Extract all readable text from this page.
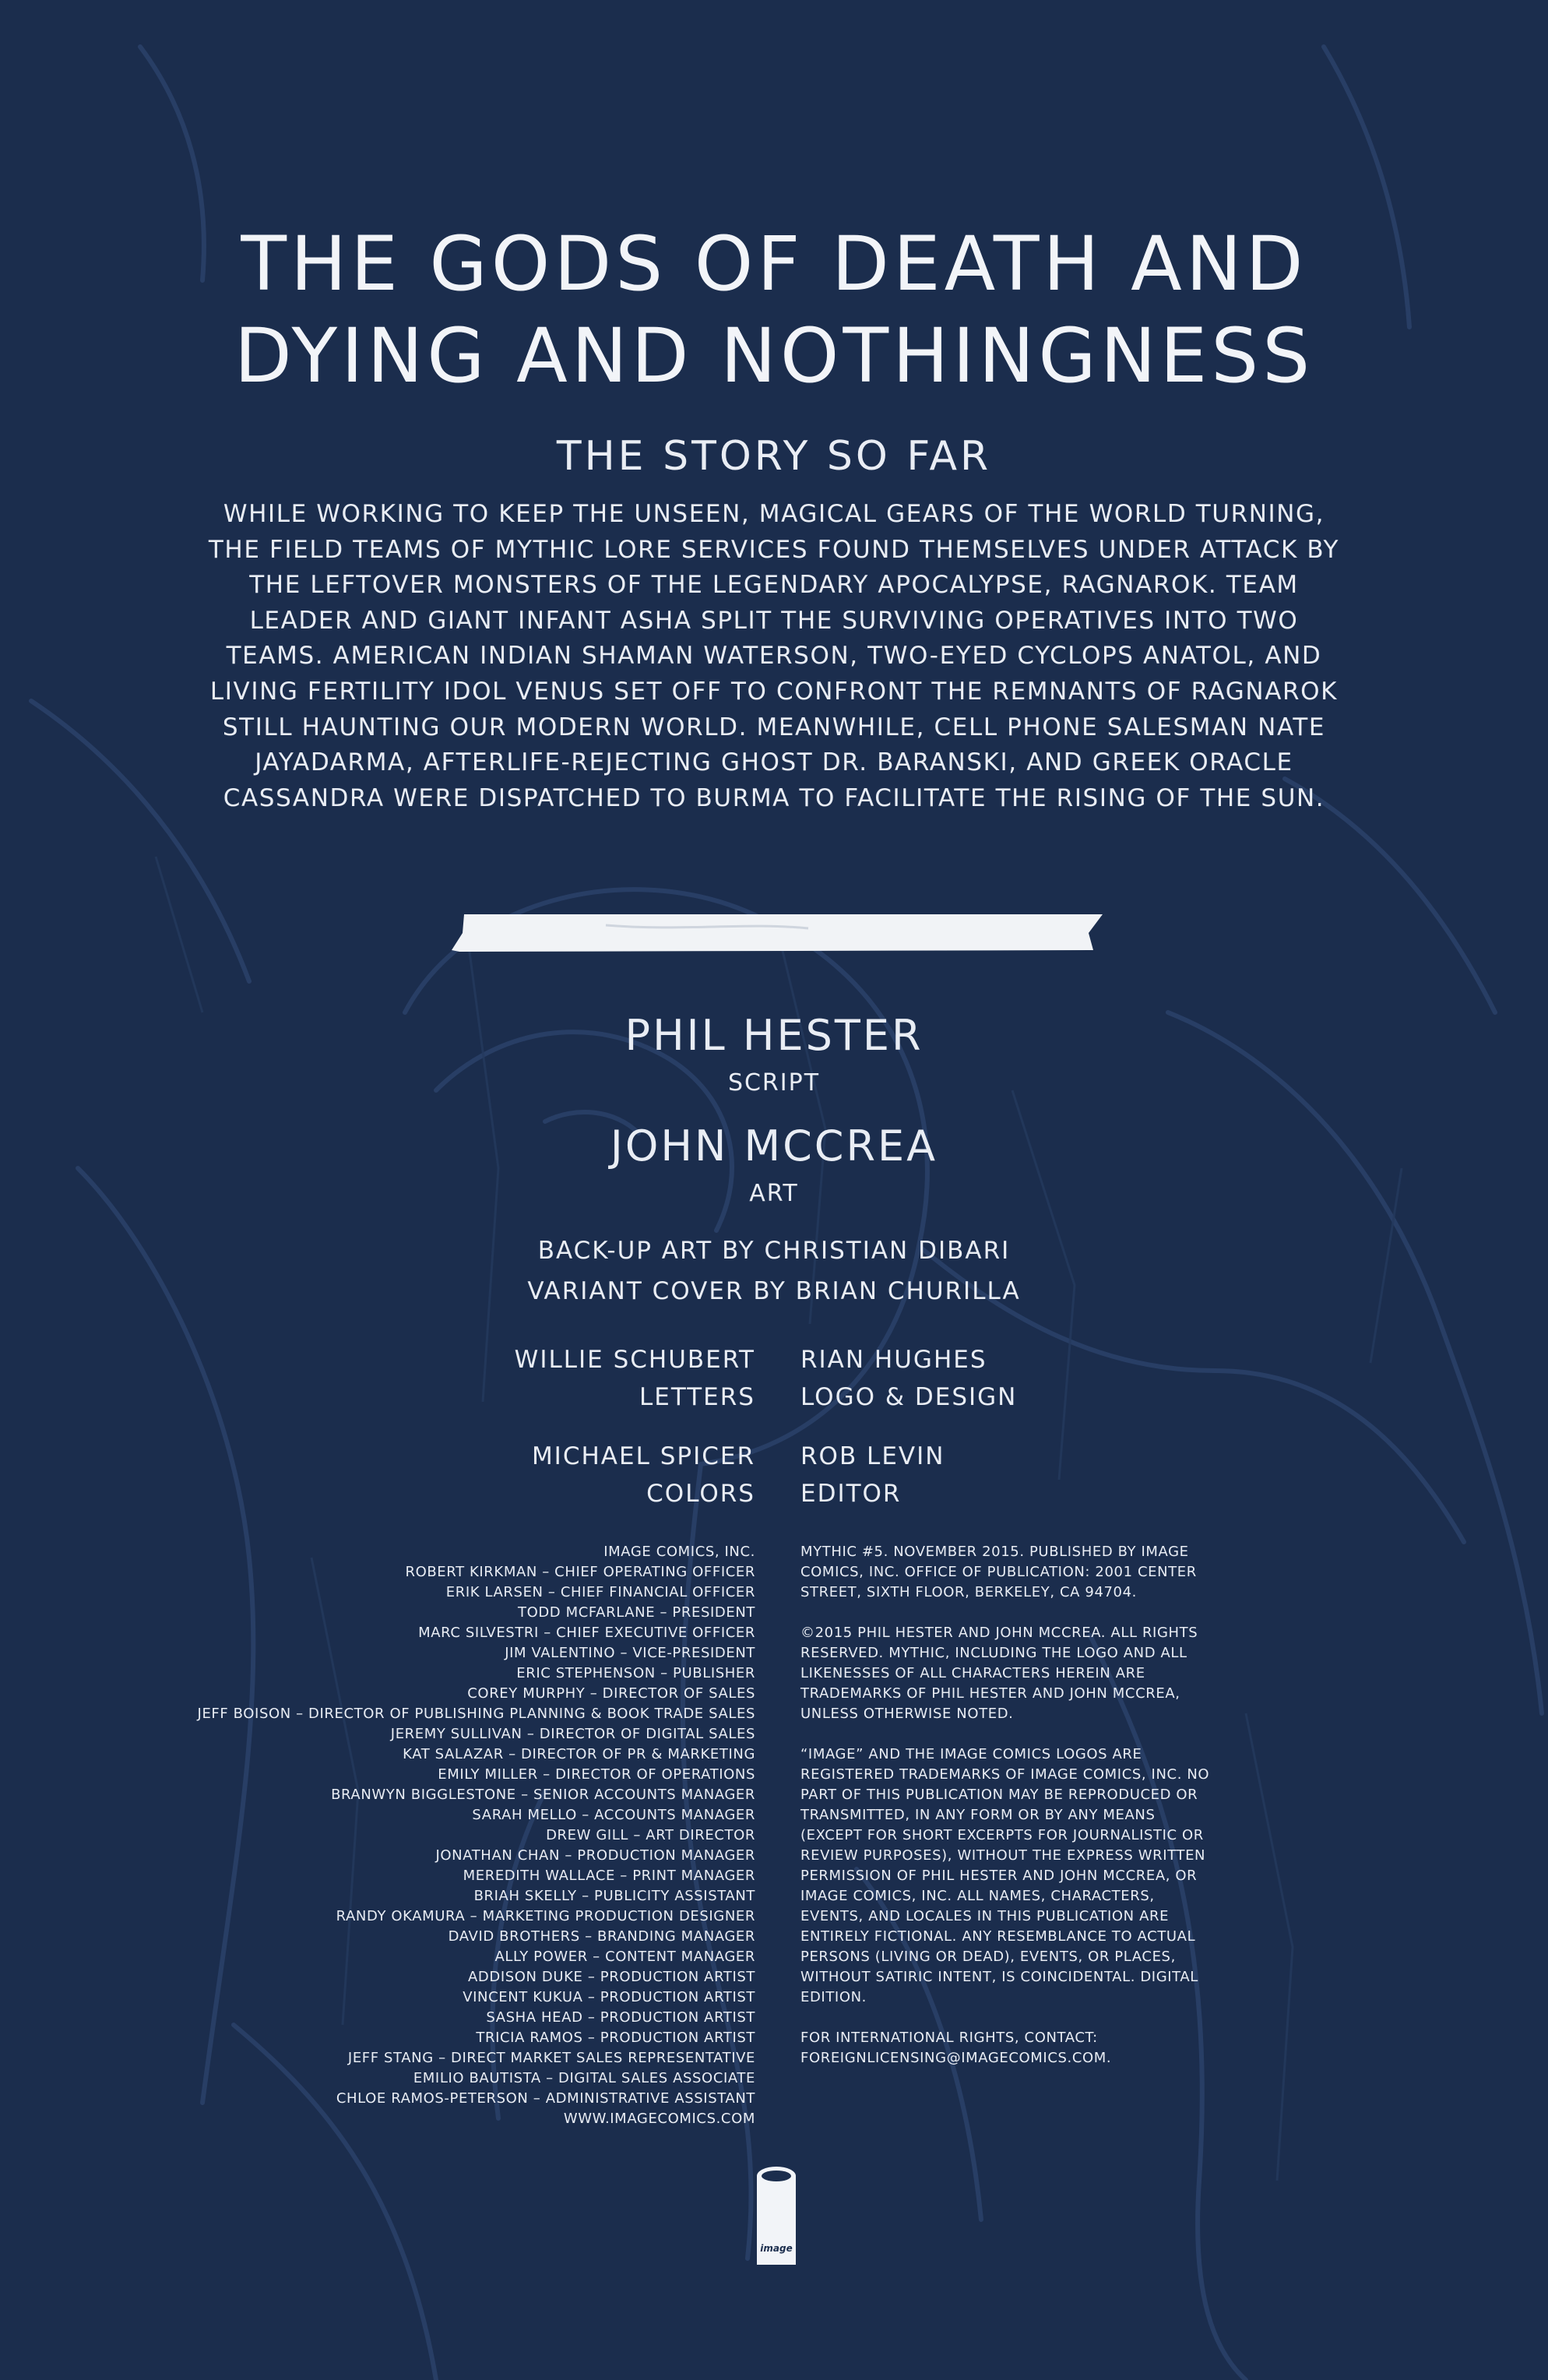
THE GODS OF DEATH AND
DYING AND NOTHINGNESS
THE STORY SO FAR
WHILE WORKING TO KEEP THE UNSEEN, MAGICAL GEARS OF THE WORLD TURNING, THE FIELD TEAMS OF MYTHIC LORE SERVICES FOUND THEMSELVES UNDER ATTACK BY THE LEFTOVER MONSTERS OF THE LEGENDARY APOCALYPSE, RAGNAROK. TEAM LEADER AND GIANT INFANT ASHA SPLIT THE SURVIVING OPERATIVES INTO TWO TEAMS. AMERICAN INDIAN SHAMAN WATERSON, TWO-EYED CYCLOPS ANATOL, AND LIVING FERTILITY IDOL VENUS SET OFF TO CONFRONT THE REMNANTS OF RAGNAROK STILL HAUNTING OUR MODERN WORLD. MEANWHILE, CELL PHONE SALESMAN NATE JAYADARMA, AFTERLIFE-REJECTING GHOST DR. BARANSKI, AND GREEK ORACLE CASSANDRA WERE DISPATCHED TO BURMA TO FACILITATE THE RISING OF THE SUN.
PHIL HESTER
SCRIPT
JOHN MCCREA
ART
BACK-UP ART BY CHRISTIAN DIBARI
VARIANT COVER BY BRIAN CHURILLA
WILLIE SCHUBERT
LETTERS
RIAN HUGHES
LOGO & DESIGN
MICHAEL SPICER
COLORS
ROB LEVIN
EDITOR
IMAGE COMICS, INC.
ROBERT KIRKMAN – CHIEF OPERATING OFFICER
ERIK LARSEN – CHIEF FINANCIAL OFFICER
TODD MCFARLANE – PRESIDENT
MARC SILVESTRI – CHIEF EXECUTIVE OFFICER
JIM VALENTINO – VICE-PRESIDENT
ERIC STEPHENSON – PUBLISHER
COREY MURPHY – DIRECTOR OF SALES
JEFF BOISON – DIRECTOR OF PUBLISHING PLANNING & BOOK TRADE SALES
JEREMY SULLIVAN – DIRECTOR OF DIGITAL SALES
KAT SALAZAR – DIRECTOR OF PR & MARKETING
EMILY MILLER – DIRECTOR OF OPERATIONS
BRANWYN BIGGLESTONE – SENIOR ACCOUNTS MANAGER
SARAH MELLO – ACCOUNTS MANAGER
DREW GILL – ART DIRECTOR
JONATHAN CHAN – PRODUCTION MANAGER
MEREDITH WALLACE – PRINT MANAGER
BRIAH SKELLY – PUBLICITY ASSISTANT
RANDY OKAMURA – MARKETING PRODUCTION DESIGNER
DAVID BROTHERS – BRANDING MANAGER
ALLY POWER – CONTENT MANAGER
ADDISON DUKE – PRODUCTION ARTIST
VINCENT KUKUA – PRODUCTION ARTIST
SASHA HEAD – PRODUCTION ARTIST
TRICIA RAMOS – PRODUCTION ARTIST
JEFF STANG – DIRECT MARKET SALES REPRESENTATIVE
EMILIO BAUTISTA – DIGITAL SALES ASSOCIATE
CHLOE RAMOS-PETERSON – ADMINISTRATIVE ASSISTANT
WWW.IMAGECOMICS.COM

MYTHIC #5. NOVEMBER 2015. PUBLISHED BY IMAGE COMICS, INC. OFFICE OF PUBLICATION: 2001 CENTER STREET, SIXTH FLOOR, BERKELEY, CA 94704.

©2015 PHIL HESTER AND JOHN MCCREA. ALL RIGHTS RESERVED. MYTHIC, INCLUDING THE LOGO AND ALL LIKENESSES OF ALL CHARACTERS HEREIN ARE TRADEMARKS OF PHIL HESTER AND JOHN MCCREA, UNLESS OTHERWISE NOTED.

“IMAGE” AND THE IMAGE COMICS LOGOS ARE REGISTERED TRADEMARKS OF IMAGE COMICS, INC. NO PART OF THIS PUBLICATION MAY BE REPRODUCED OR TRANSMITTED, IN ANY FORM OR BY ANY MEANS (EXCEPT FOR SHORT EXCERPTS FOR JOURNALISTIC OR REVIEW PURPOSES), WITHOUT THE EXPRESS WRITTEN PERMISSION OF PHIL HESTER AND JOHN MCCREA, OR IMAGE COMICS, INC. ALL NAMES, CHARACTERS, EVENTS, AND LOCALES IN THIS PUBLICATION ARE ENTIRELY FICTIONAL. ANY RESEMBLANCE TO ACTUAL PERSONS (LIVING OR DEAD), EVENTS, OR PLACES, WITHOUT SATIRIC INTENT, IS COINCIDENTAL. DIGITAL EDITION.

FOR INTERNATIONAL RIGHTS, CONTACT: FOREIGNLICENSING@IMAGECOMICS.COM.

image
